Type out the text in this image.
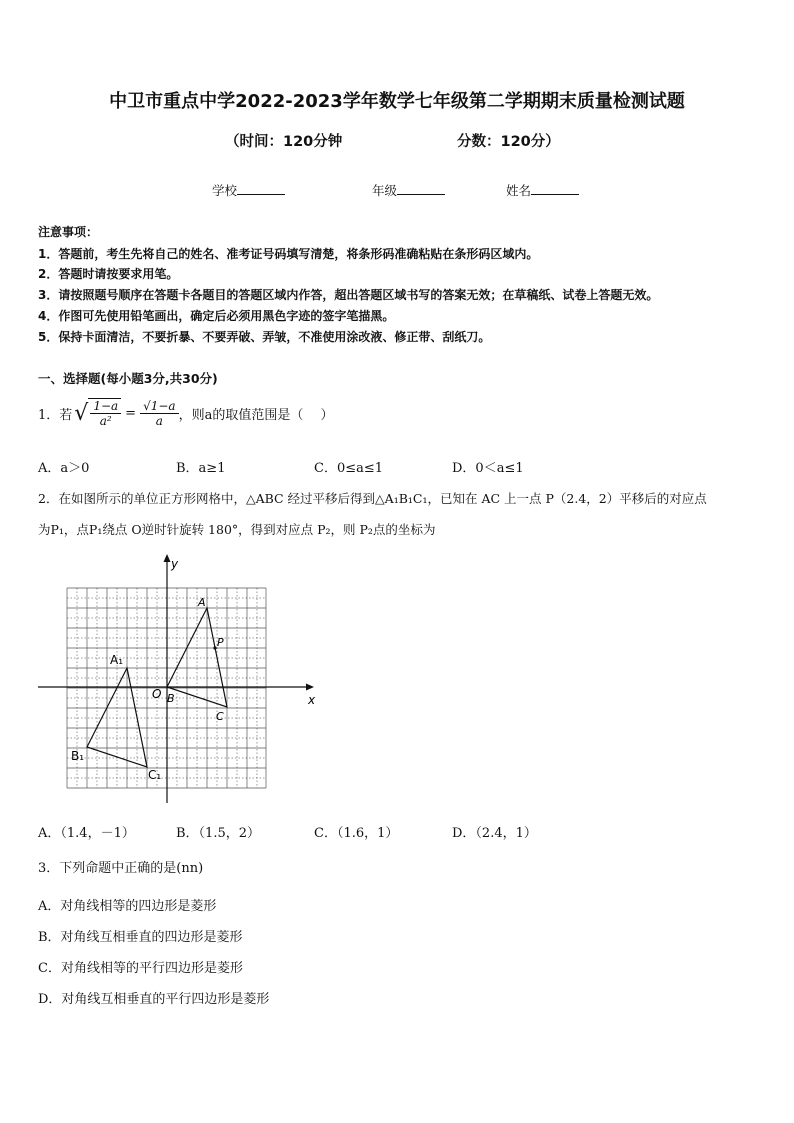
中卫市重点中学2022-2023学年数学七年级第二学期期末质量检测试题
（时间：120分钟	分数：120分）
学校	年级	姓名
注意事项：
1．答题前，考生先将自己的姓名、准考证号码填写清楚，将条形码准确粘贴在条形码区域内。
2．答题时请按要求用笔。
3．请按照题号顺序在答题卡各题目的答题区域内作答，超出答题区域书写的答案无效；在草稿纸、试卷上答题无效。
4．作图可先使用铅笔画出，确定后必须用黑色字迹的签字笔描黑。
5．保持卡面清洁，不要折暴、不要弄破、弄皱，不准使用涂改液、修正带、刮纸刀。
一、选择题(每小题3分,共30分)
1．若 √ $\frac{1-a}{\text{a²}} = \frac{√1-a}{a}$ ，则a的取值范围是（　 ）
A．a＞0	B．a≥1	C．0≤a≤1	D．0＜a≤1
2．在如图所示的单位正方形网格中，△ABC 经过平移后得到△A₁B₁C₁，已知在 AC 上一点 P（2.4，2）平移后的对应点
为P₁，点P₁绕点 O逆时针旋转 180°，得到对应点 P₂，则 P₂点的坐标为
y
x
O B
C
A
P
A₁
B₁
C₁
A．（1.4，－1）	B．（1.5，2）	C．（1.6，1）	D．（2.4，1）
3．下列命题中正确的是(nn)
A．对角线相等的四边形是菱形
B．对角线互相垂直的四边形是菱形
C．对角线相等的平行四边形是菱形
D．对角线互相垂直的平行四边形是菱形
